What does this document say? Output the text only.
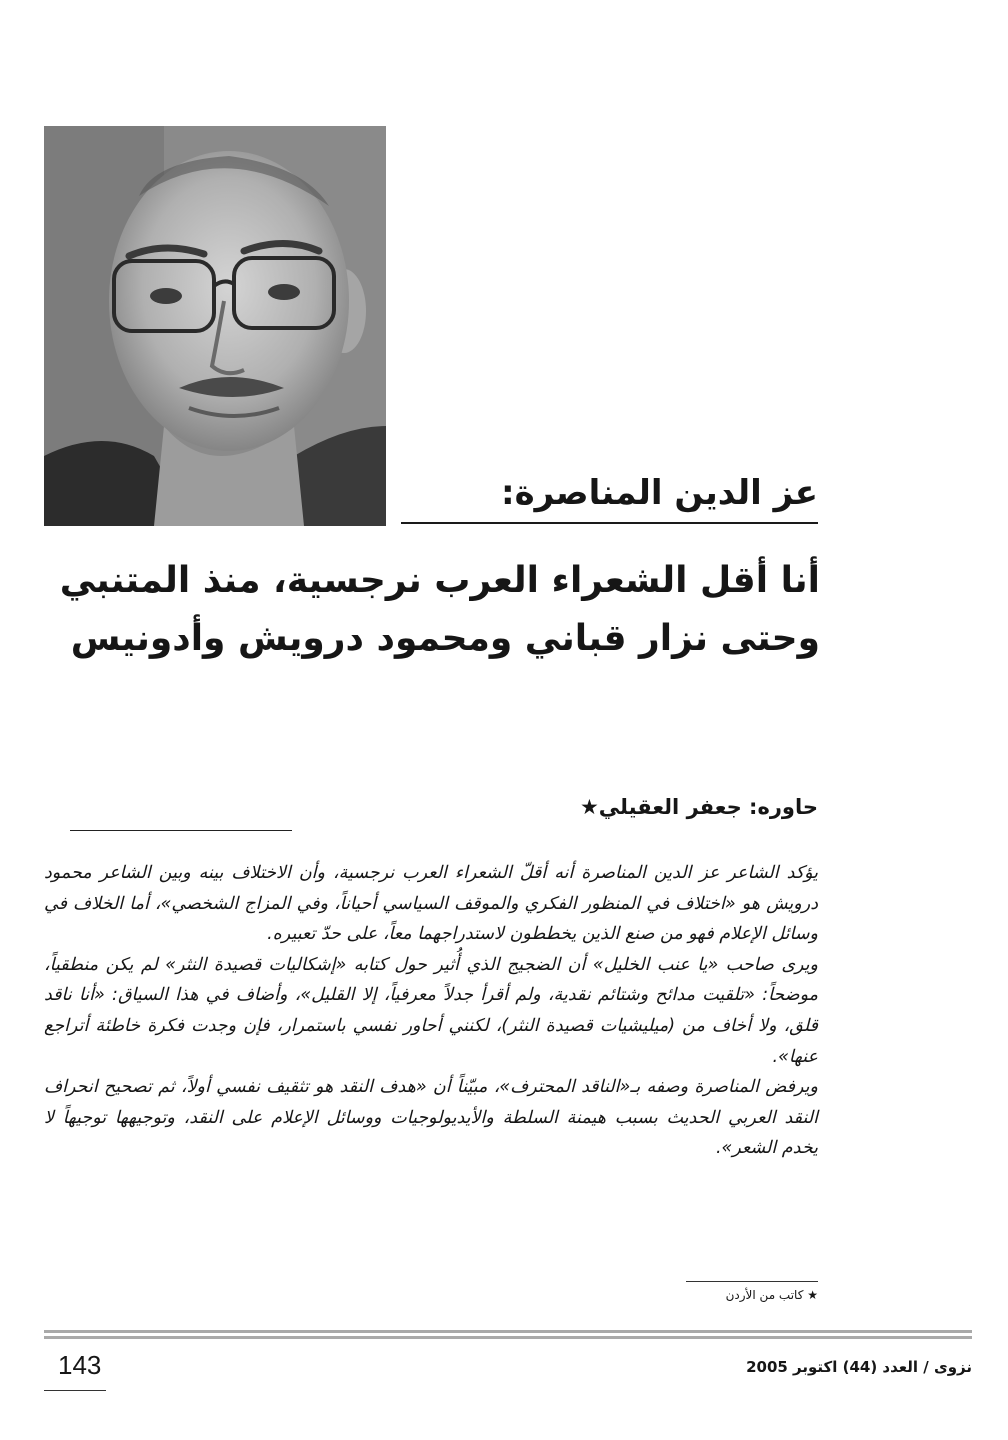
عز الدين المناصرة:
أنا أقل الشعراء العرب نرجسية، منذ المتنبي
وحتى نزار قباني ومحمود درويش وأدونيس
حاوره: جعفر العقيلي★

يؤكد الشاعر عز الدين المناصرة أنه أقلّ الشعراء العرب نرجسية، وأن الاختلاف بينه وبين الشاعر محمود درويش هو «اختلاف في المنظور الفكري والموقف السياسي أحياناً، وفي المزاج الشخصي»، أما الخلاف في وسائل الإعلام فهو من صنع الذين يخططون لاستدراجهما معاً، على حدّ تعبيره.

ويرى صاحب «يا عنب الخليل» أن الضجيج الذي أُثير حول كتابه «إشكاليات قصيدة النثر» لم يكن منطقياً، موضحاً: «تلقيت مدائح وشتائم نقدية، ولم أقرأ جدلاً معرفياً، إلا القليل»، وأضاف في هذا السياق: «أنا ناقد قلق، ولا أخاف من (ميليشيات قصيدة النثر)، لكنني أحاور نفسي باستمرار، فإن وجدت فكرة خاطئة أتراجع عنها».

ويرفض المناصرة وصفه بـ«الناقد المحترف»، مبيّناً أن «هدف النقد هو تثقيف نفسي أولاً، ثم تصحيح انحراف النقد العربي الحديث بسبب هيمنة السلطة والأيديولوجيات ووسائل الإعلام على النقد، وتوجيهها توجيهاً لا يخدم الشعر».

★ كاتب من الأردن
143	نزوى / العدد (44) اكتوبر 2005
